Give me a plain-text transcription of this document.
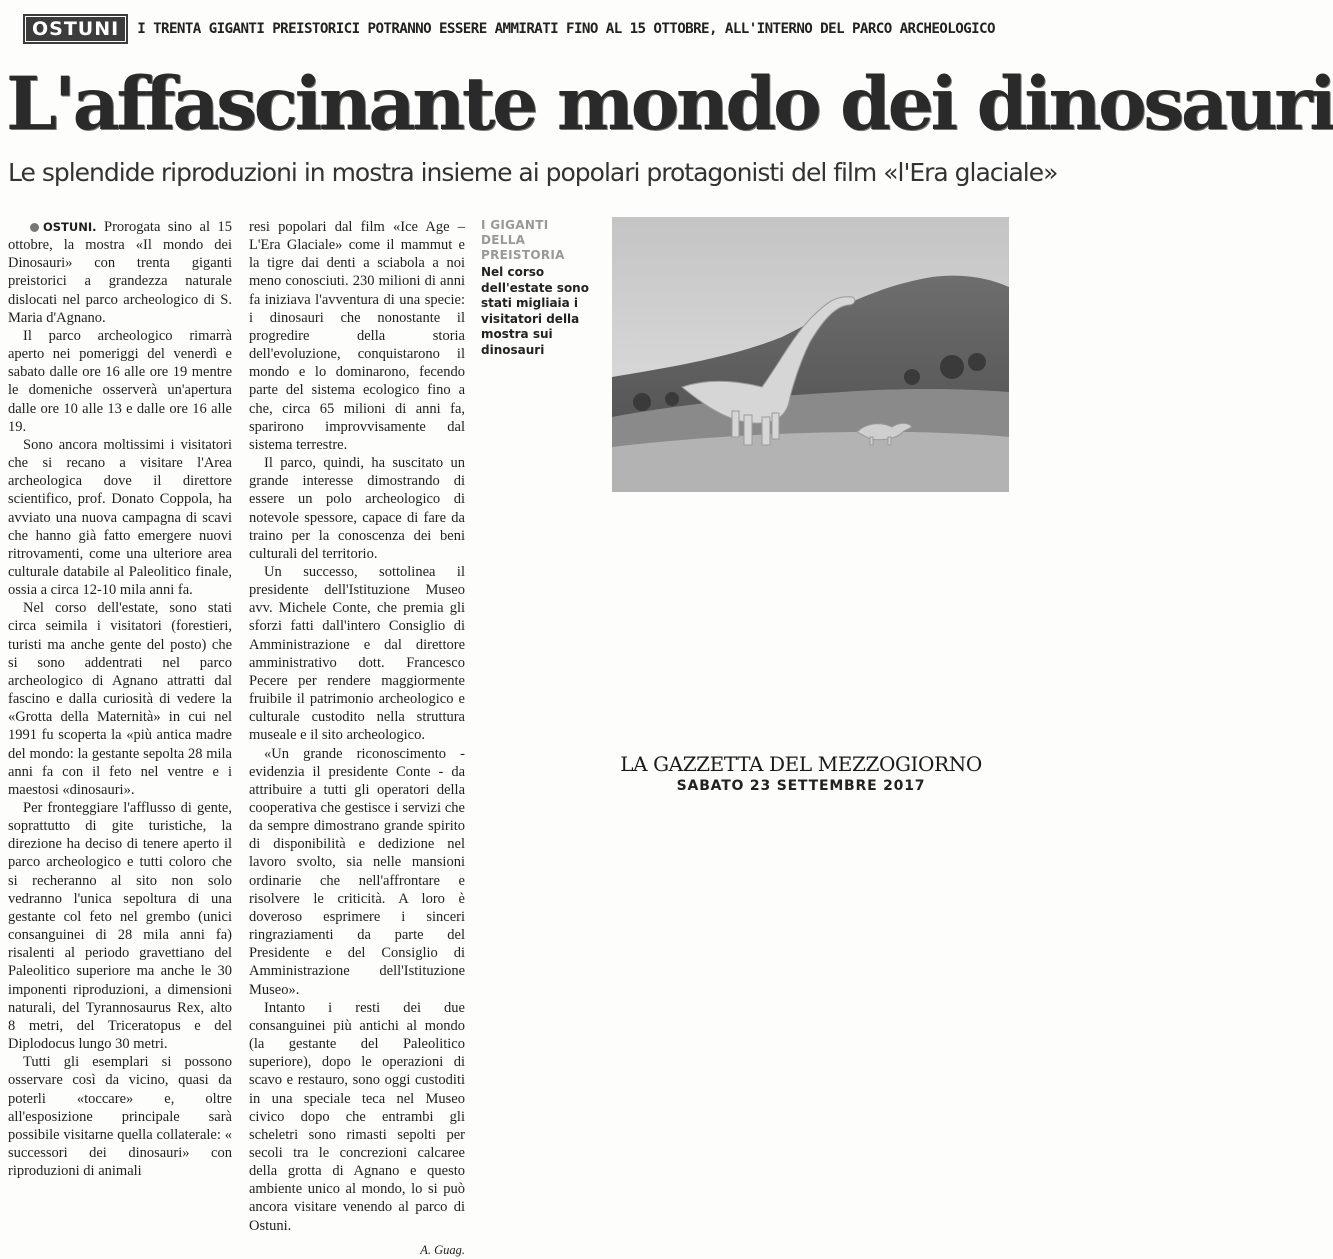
OSTUNI	I TRENTA GIGANTI PREISTORICI POTRANNO ESSERE AMMIRATI FINO AL 15 OTTOBRE, ALL'INTERNO DEL PARCO ARCHEOLOGICO
L'affascinante mondo dei dinosauri
Le splendide riproduzioni in mostra insieme ai popolari protagonisti del film «l'Era glaciale»

OSTUNI. Prorogata sino al 15 ottobre, la mostra «Il mondo dei Dinosauri» con trenta giganti preistorici a grandezza naturale dislocati nel parco archeologico di S. Maria d'Agnano.

Il parco archeologico rimarrà aperto nei pomeriggi del venerdì e sabato dalle ore 16 alle ore 19 mentre le domeniche osserverà un'apertura dalle ore 10 alle 13 e dalle ore 16 alle 19.

Sono ancora moltissimi i visitatori che si recano a visitare l'Area archeologica dove il direttore scientifico, prof. Donato Coppola, ha avviato una nuova campagna di scavi che hanno già fatto emergere nuovi ritrovamenti, come una ulteriore area culturale databile al Paleolitico finale, ossia a circa 12-10 mila anni fa.

Nel corso dell'estate, sono stati circa seimila i visitatori (forestieri, turisti ma anche gente del posto) che si sono addentrati nel parco archeologico di Agnano attratti dal fascino e dalla curiosità di vedere la «Grotta della Maternità» in cui nel 1991 fu scoperta la «più antica madre del mondo: la gestante sepolta 28 mila anni fa con il feto nel ventre e i maestosi «dinosauri».

Per fronteggiare l'afflusso di gente, soprattutto di gite turistiche, la direzione ha deciso di tenere aperto il parco archeologico e tutti coloro che si recheranno al sito non solo vedranno l'unica sepoltura di una gestante col feto nel grembo (unici consanguinei di 28 mila anni fa) risalenti al periodo gravettiano del Paleolitico superiore ma anche le 30 imponenti riproduzioni, a dimensioni naturali, del Tyrannosaurus Rex, alto 8 metri, del Triceratopus e del Diplodocus lungo 30 metri.

Tutti gli esemplari si possono osservare così da vicino, quasi da poterli «toccare» e, oltre all'esposizione principale sarà possibile visitarne quella collaterale: « successori dei dinosauri» con riproduzioni di animali

resi popolari dal film «Ice Age – L'Era Glaciale» come il mammut e la tigre dai denti a sciabola a noi meno conosciuti. 230 milioni di anni fa iniziava l'avventura di una specie: i dinosauri che nonostante il progredire della storia dell'evoluzione, conquistarono il mondo e lo dominarono, fecendo parte del sistema ecologico fino a che, circa 65 milioni di anni fa, sparirono improvvisamente dal sistema terrestre.

Il parco, quindi, ha suscitato un grande interesse dimostrando di essere un polo archeologico di notevole spessore, capace di fare da traino per la conoscenza dei beni culturali del territorio.

Un successo, sottolinea il presidente dell'Istituzione Museo avv. Michele Conte, che premia gli sforzi fatti dall'intero Consiglio di Amministrazione e dal direttore amministrativo dott. Francesco Pecere per rendere maggiormente fruibile il patrimonio archeologico e culturale custodito nella struttura museale e il sito archeologico.

«Un grande riconoscimento - evidenzia il presidente Conte - da attribuire a tutti gli operatori della cooperativa che gestisce i servizi che da sempre dimostrano grande spirito di disponibilità e dedizione nel lavoro svolto, sia nelle mansioni ordinarie che nell'affrontare e risolvere le criticità. A loro è doveroso esprimere i sinceri ringraziamenti da parte del Presidente e del Consiglio di Amministrazione dell'Istituzione Museo».

Intanto i resti dei due consanguinei più antichi al mondo (la gestante del Paleolitico superiore), dopo le operazioni di scavo e restauro, sono oggi custoditi in una speciale teca nel Museo civico dopo che entrambi gli scheletri sono rimasti sepolti per secoli tra le concrezioni calcaree della grotta di Agnano e questo ambiente unico al mondo, lo si può ancora visitare venendo al parco di Ostuni.

A. Guag.
I GIGANTI DELLA PREISTORIA
Nel corso dell'estate sono stati migliaia i visitatori della mostra sui dinosauri
LA GAZZETTA DEL MEZZOGIORNO
SABATO 23 SETTEMBRE 2017
